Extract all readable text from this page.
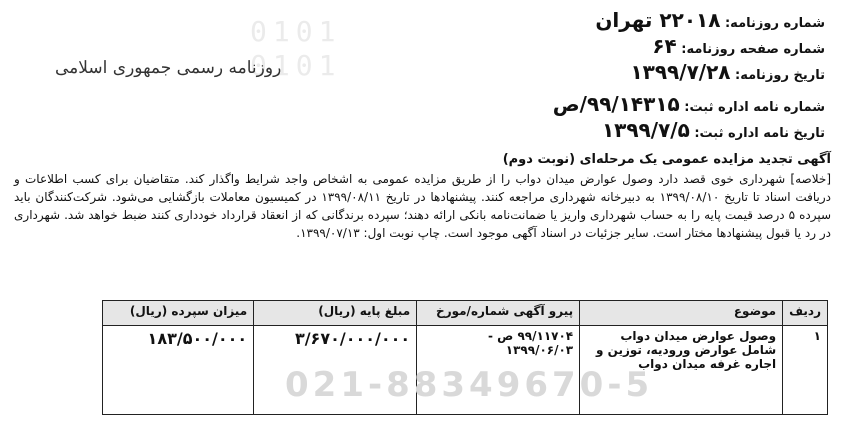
0101
0101
شماره روزنامه: ۲۲۰۱۸ تهران
شماره صفحه روزنامه: ۶۴
تاریخ روزنامه: ۱۳۹۹/۷/۲۸
روزنامه رسمی جمهوری اسلامی
شماره نامه اداره ثبت: ۹۹/۱۴۳۱۵/ص
تاریخ نامه اداره ثبت: ۱۳۹۹/۷/۵
آگهی تجدید مزایده عمومی یک مرحله‌ای (نوبت دوم)
[خلاصه] شهرداری خوی قصد دارد وصول عوارض میدان دواب را از طریق مزایده عمومی به اشخاص واجد شرایط واگذار کند. متقاضیان برای کسب اطلاعات و دریافت اسناد تا تاریخ ۱۳۹۹/۰۸/۱۰ به دبیرخانه شهرداری مراجعه کنند. پیشنهادها در تاریخ ۱۳۹۹/۰۸/۱۱ در کمیسیون معاملات بازگشایی می‌شود. شرکت‌کنندگان باید سپرده ۵ درصد قیمت پایه را به حساب شهرداری واریز یا ضمانت‌نامه بانکی ارائه دهند؛ سپرده برندگانی که از انعقاد قرارداد خودداری کنند ضبط خواهد شد. شهرداری در رد یا قبول پیشنهادها مختار است. سایر جزئیات در اسناد آگهی موجود است. چاپ نوبت اول: ۱۳۹۹/۰۷/۱۳.
ردیف	موضوع	پیرو آگهی شماره/مورخ	مبلغ پایه (ریال)	میزان سپرده (ریال)
۱	وصول عوارض میدان دواب شامل عوارض ورودیه، توزین و اجاره غرفه میدان دواب	۹۹/۱۱۷۰۴ ص - ۱۳۹۹/۰۶/۰۳	۳/۶۷۰/۰۰۰/۰۰۰	۱۸۳/۵۰۰/۰۰۰
021-88349670-5
